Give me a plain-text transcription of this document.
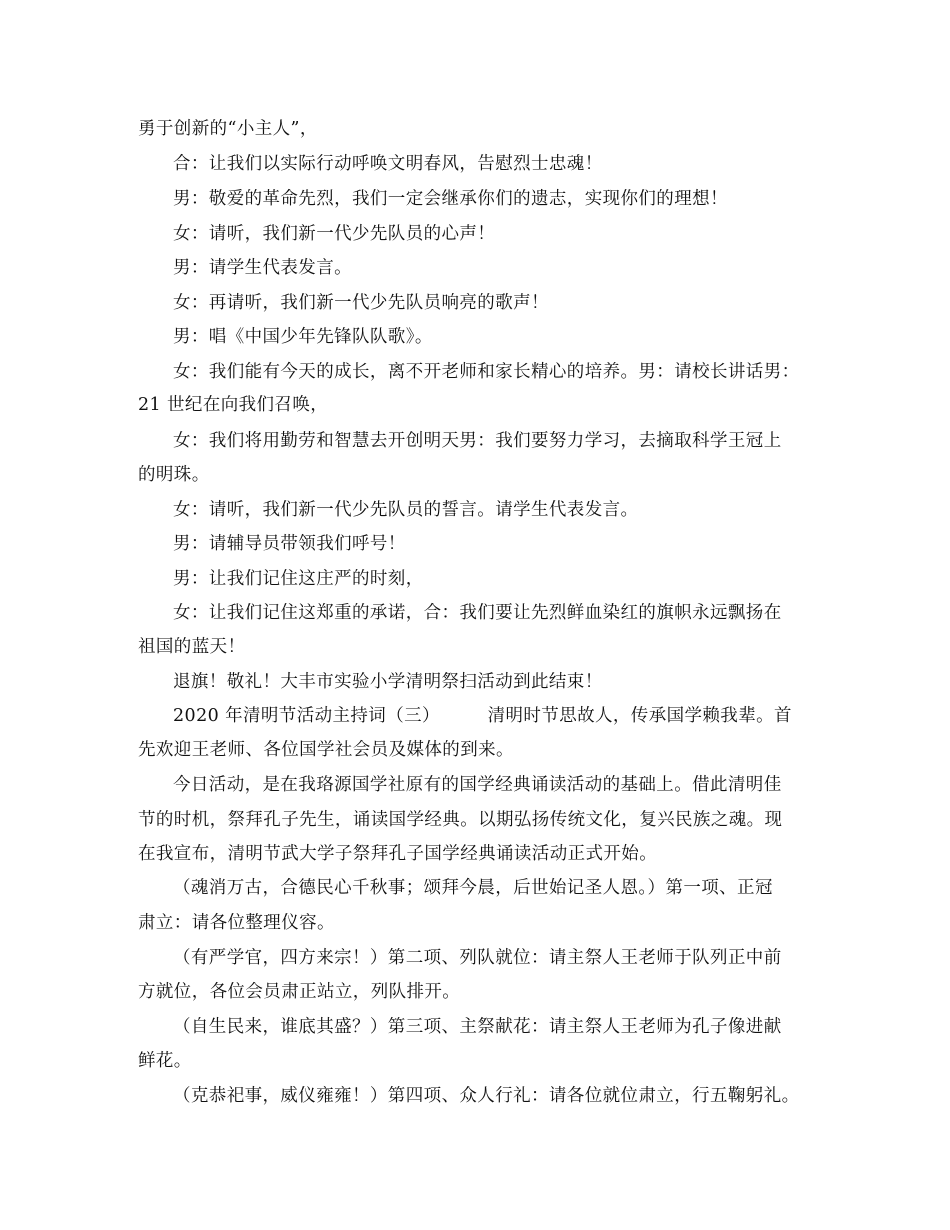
勇于创新的“小主人”，
合：让我们以实际行动呼唤文明春风，告慰烈士忠魂！
男：敬爱的革命先烈，我们一定会继承你们的遗志，实现你们的理想！
女：请听，我们新一代少先队员的心声！
男：请学生代表发言。
女：再请听，我们新一代少先队员响亮的歌声！
男：唱《中国少年先锋队队歌》。
女：我们能有今天的成长，离不开老师和家长精心的培养。男：请校长讲话男：
21 世纪在向我们召唤，
女：我们将用勤劳和智慧去开创明天男：我们要努力学习，去摘取科学王冠上
的明珠。
女：请听，我们新一代少先队员的誓言。请学生代表发言。
男：请辅导员带领我们呼号！
男：让我们记住这庄严的时刻，
女：让我们记住这郑重的承诺，合：我们要让先烈鲜血染红的旗帜永远飘扬在
祖国的蓝天！
退旗！敬礼！大丰市实验小学清明祭扫活动到此结束！
2020 年清明节活动主持词（三）        清明时节思故人，传承国学赖我辈。首
先欢迎王老师、各位国学社会员及媒体的到来。
今日活动，是在我珞源国学社原有的国学经典诵读活动的基础上。借此清明佳
节的时机，祭拜孔子先生，诵读国学经典。以期弘扬传统文化，复兴民族之魂。现
在我宣布，清明节武大学子祭拜孔子国学经典诵读活动正式开始。
（魂消万古，合德民心千秋事；颂拜今晨，后世始记圣人恩。）第一项、正冠
肃立：请各位整理仪容。
（有严学官，四方来宗！）第二项、列队就位：请主祭人王老师于队列正中前
方就位，各位会员肃正站立，列队排开。
（自生民来，谁底其盛？）第三项、主祭献花：请主祭人王老师为孔子像进献
鲜花。
（克恭祀事，威仪雍雍！）第四项、众人行礼：请各位就位肃立，行五鞠躬礼。
